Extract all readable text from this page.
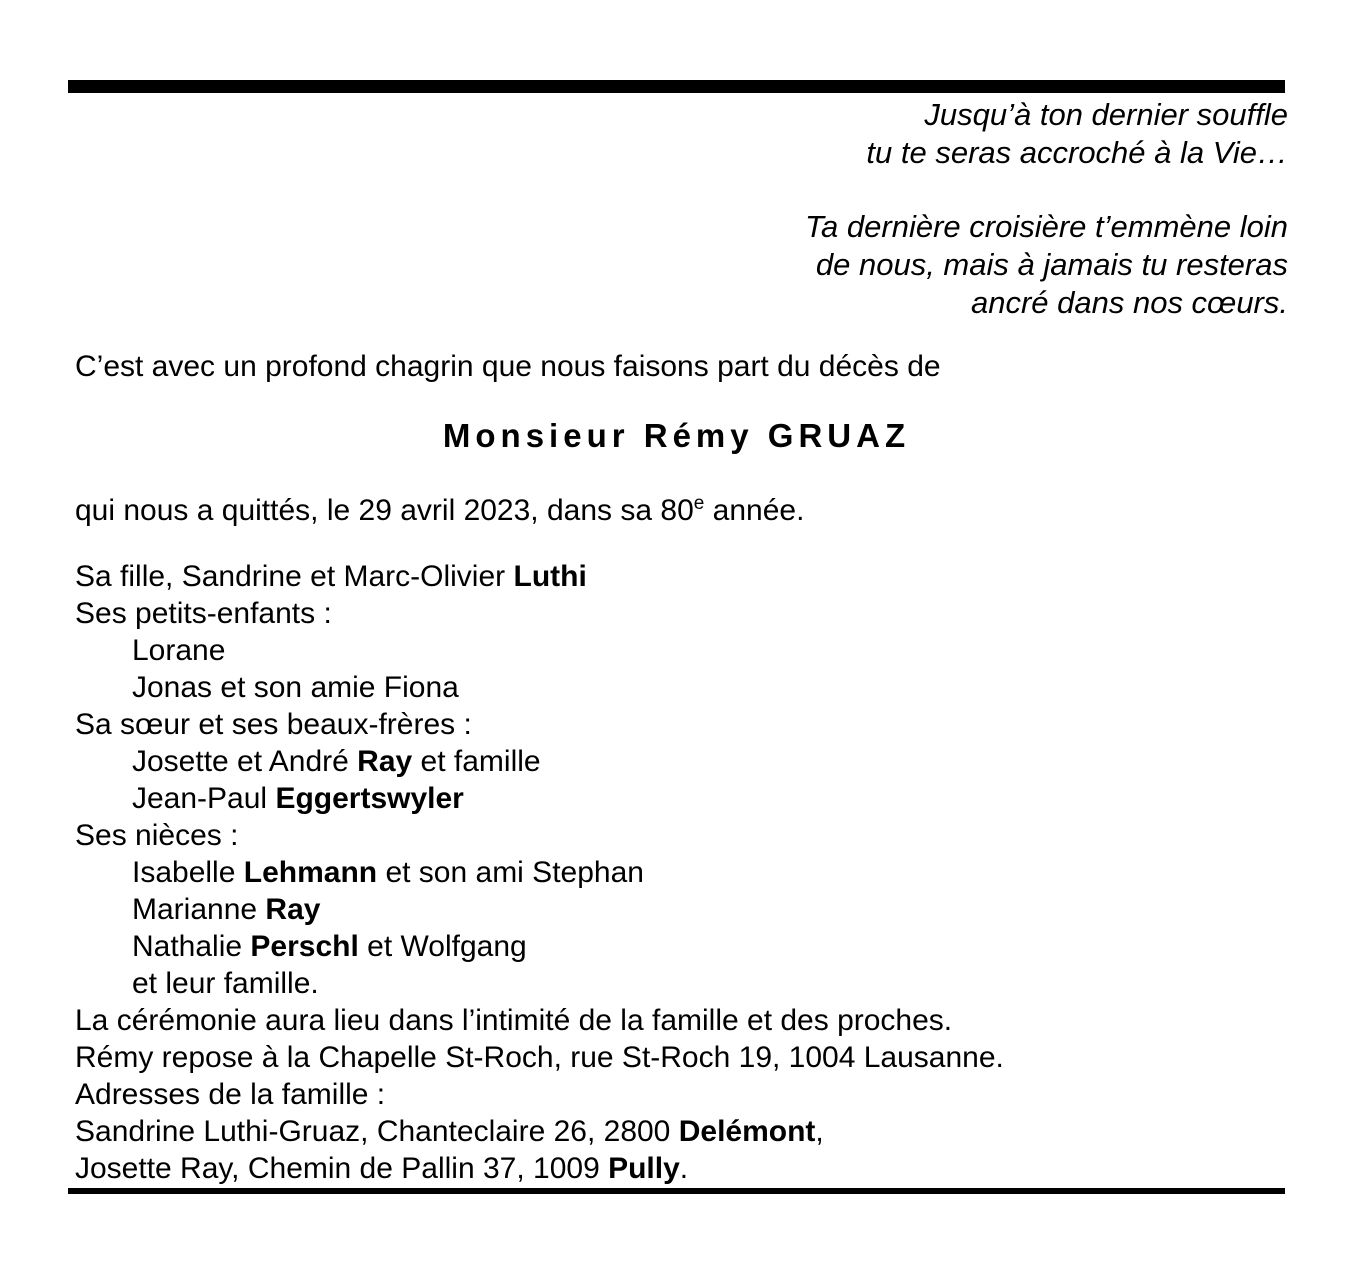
Jusqu’à ton dernier souffle
tu te seras accroché à la Vie…
Ta dernière croisière t’emmène loin
de nous, mais à jamais tu resteras
ancré dans nos cœurs.
C’est avec un profond chagrin que nous faisons part du décès de
Monsieur Rémy GRUAZ
qui nous a quittés, le 29 avril 2023, dans sa 80e année.
Sa fille, Sandrine et Marc-Olivier Luthi
Ses petits-enfants :
Lorane
Jonas et son amie Fiona
Sa sœur et ses beaux-frères :
Josette et André Ray et famille
Jean-Paul Eggertswyler
Ses nièces :
Isabelle Lehmann et son ami Stephan
Marianne Ray
Nathalie Perschl et Wolfgang
et leur famille.
La cérémonie aura lieu dans l’intimité de la famille et des proches.
Rémy repose à la Chapelle St-Roch, rue St-Roch 19, 1004 Lausanne.
Adresses de la famille :
Sandrine Luthi-Gruaz, Chanteclaire 26, 2800 Delémont,
Josette Ray, Chemin de Pallin 37, 1009 Pully.
